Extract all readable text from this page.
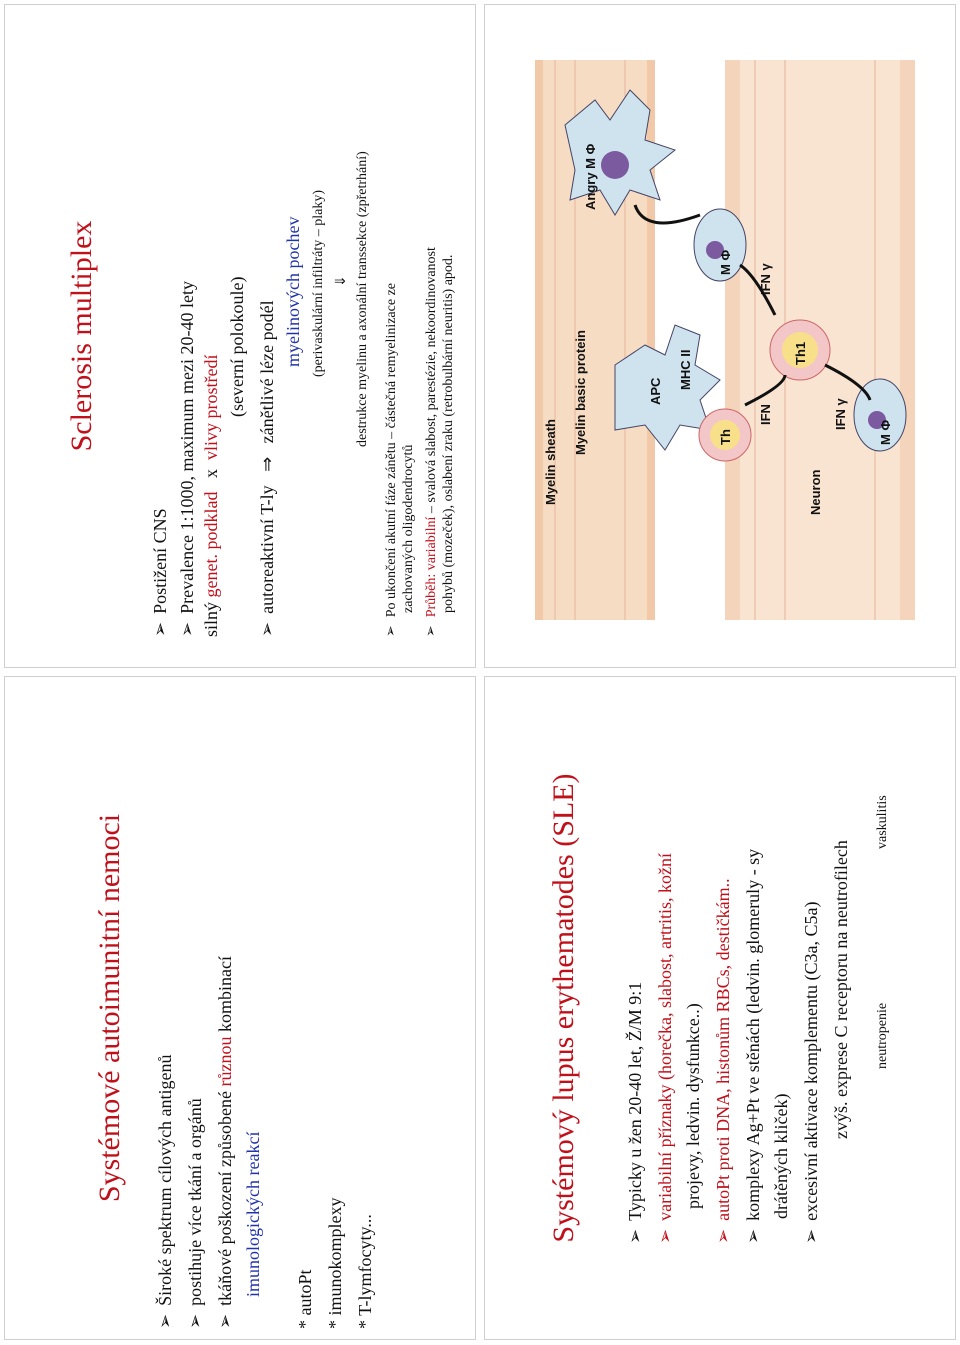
Sclerosis multiplex
➢ Postižení CNS ➢ Prevalence 1:1000, maximum mezi 20-40 lety
silný genet. podklad   x  vlivy prostředí (severní polokoule) ➢ autoreaktivní T-ly   ⇒   zánětlivé léze podél
myelinových pochev (perivaskulární infiltráty – plaky) ⇓ destrukce myelinu a axonální transsekce (zpřetrhání) ➢ Po ukončení akutní fáze zánětu – částečná remyelinizace ze zachovaných oligodendrocytů ➢ Průběh: variabilní – svalová slabost, parestézie, nekoordinovanost pohybů (mozeček), oslabení zraku (retrobulbární neuritis) apod.	Myelin sheath
Myelin basic protein	APC
MHC II
Th
IFN
Th1
IFN γ
IFN γ
Neuron
Angry M Φ
M Φ
M Φ
Systémové autoimunitní nemoci ➢ Široké spektrum cílových antigenů ➢ postihuje více tkání a orgánů ➢ tkáňové poškození způsobené různou kombinací
imunologických reakcí
* autoPt * imunokomplexy * T-lymfocyty...
Systémový lupus erythematodes (SLE)	➢ Typicky u žen 20-40 let, Ž/M 9:1 ➢ variabilní příznaky (horečka, slabost, artritis, kožní projevy, ledvin. dysfunkce..) ➢ autoPt proti DNA, histonům RBCs, destičkám.. ➢ komplexy Ag+Pt ve stěnách (ledvin. glomeruly - sy drátěných kliček) ➢ excesivní aktivace komplementu (C3a, C5a) zvýš. exprese C receptoru na neutrofilech neutropenie
vaskulitis
